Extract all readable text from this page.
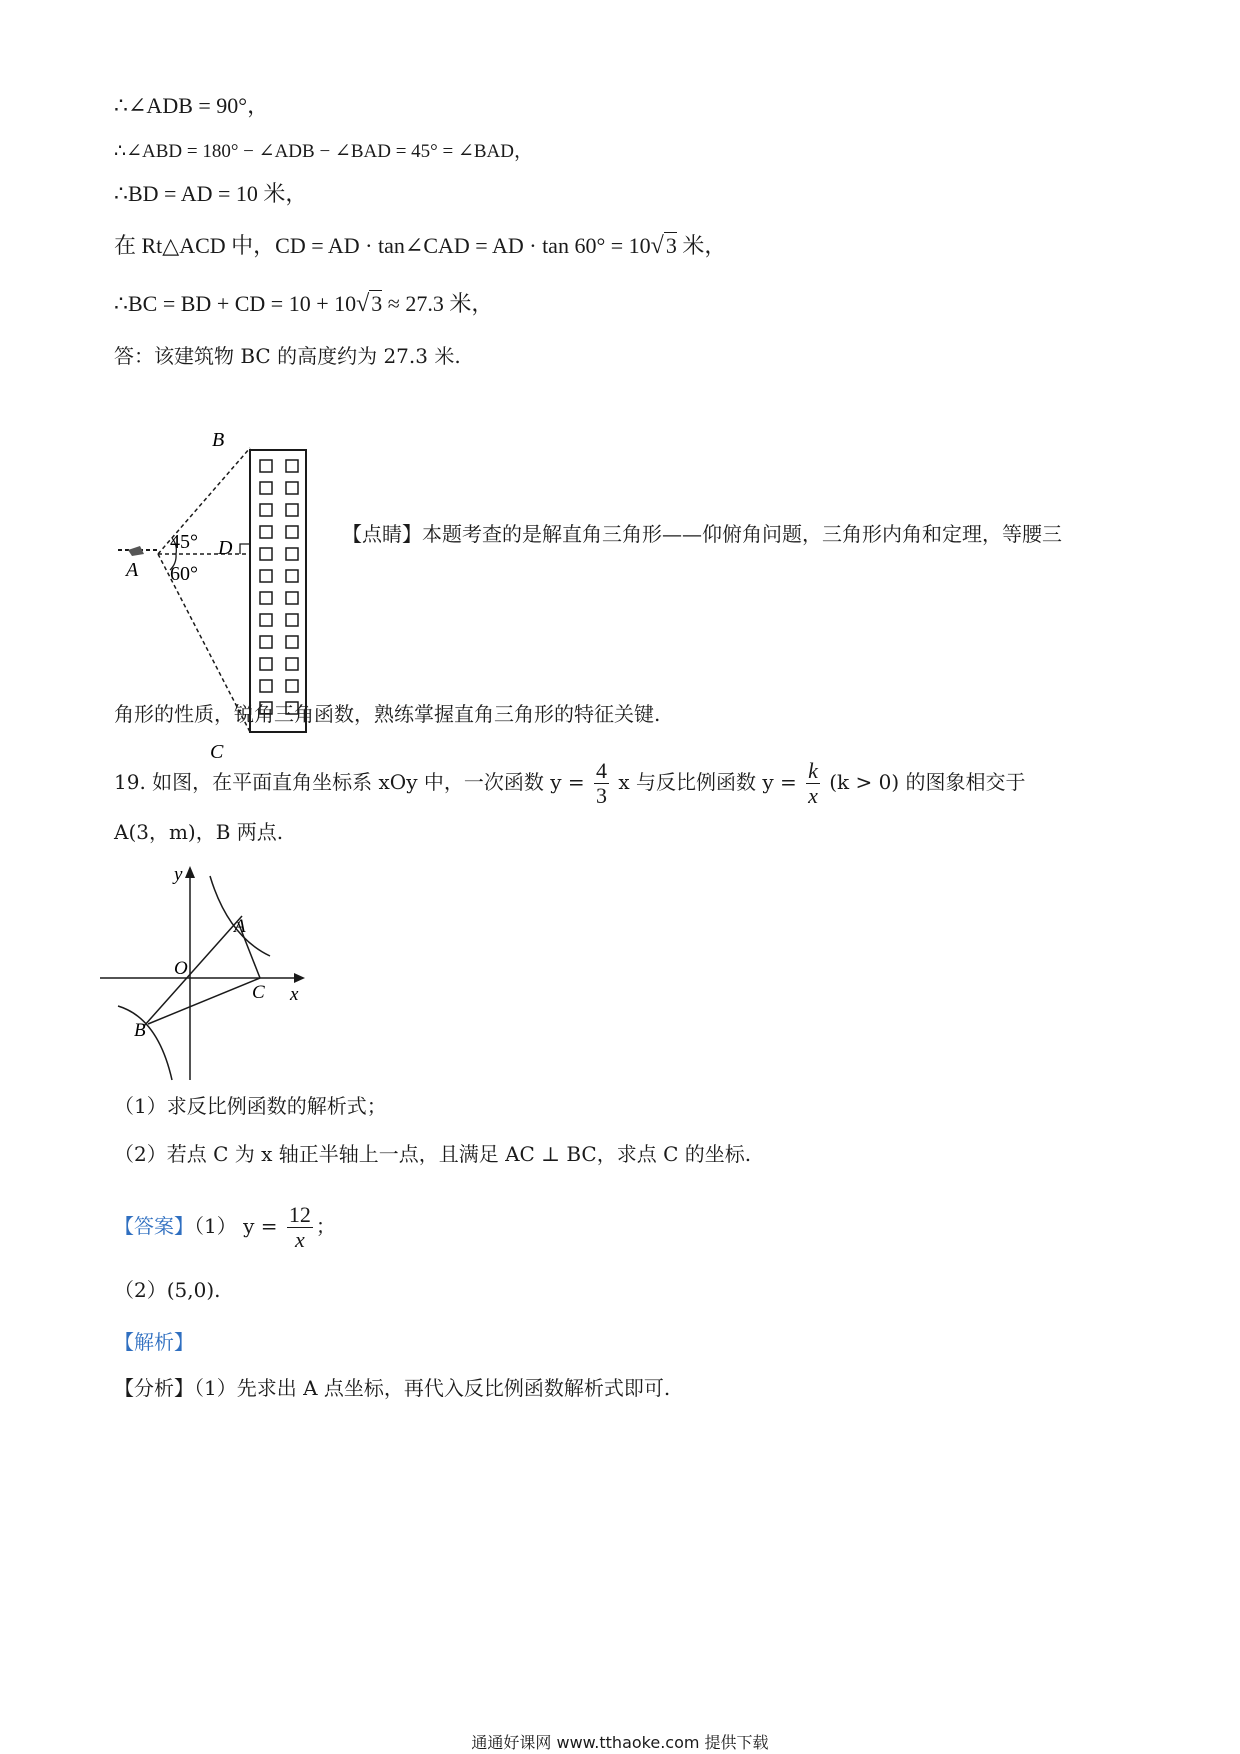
∴∠ADB = 90°，
∴∠ABD = 180° − ∠ADB − ∠BAD = 45° = ∠BAD，
∴BD = AD = 10 米，
在 Rt△ACD 中，CD = AD · tan∠CAD = AD · tan 60° = 10√3 米，
∴BC = BD + CD = 10 + 10√3 ≈ 27.3 米，
答：该建筑物 BC 的高度约为 27.3 米.
B
D
A
C
45°
60°
【点睛】本题考查的是解直角三角形——仰俯角问题，三角形内角和定理，等腰三
角形的性质，锐角三角函数，熟练掌握直角三角形的特征关键.
19. 如图，在平面直角坐标系 xOy 中，一次函数 $y = \frac{4}{3}$ x 与反比例函数 $y = \frac{k}{x} (k > 0)$ 的图象相交于
A(3，m)，B 两点.
y
x
O
A
B
C
（1）求反比例函数的解析式；
（2）若点 C 为 x 轴正半轴上一点，且满足 AC ⊥ BC，求点 C 的坐标.
【答案】（1） $y = \frac{12}{x}$ ；
（2）(5,0).
【解析】
【分析】（1）先求出 A 点坐标，再代入反比例函数解析式即可.
通通好课网 www.tthaoke.com 提供下载
